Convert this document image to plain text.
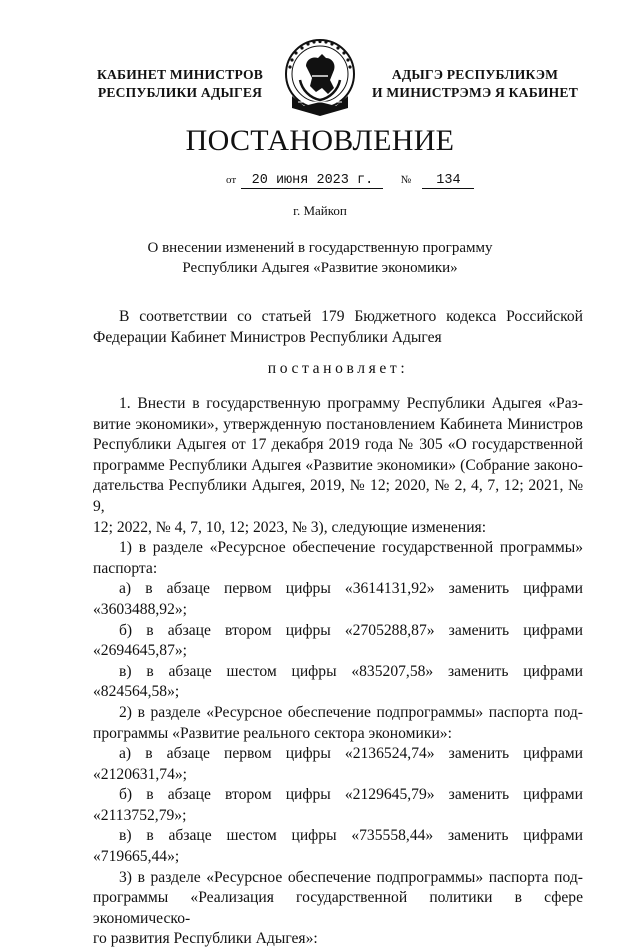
КАБИНЕТ МИНИСТРОВ
РЕСПУБЛИКИ АДЫГЕЯ
АДЫГЭ РЕСПУБЛИКЭМ
И МИНИСТРЭМЭ Я КАБИНЕТ
ПОСТАНОВЛЕНИЕ
от 20 июня 2023 г. № 134
г. Майкоп
О внесении изменений в государственную программу
Республики Адыгея «Развитие экономики»
В соответствии со статьей 179 Бюджетного кодекса Российской
Федерации Кабинет Министров Республики Адыгея
постановляет:
1. Внести в государственную программу Республики Адыгея «Раз-
витие экономики», утвержденную постановлением Кабинета Министров
Республики Адыгея от 17 декабря 2019 года № 305 «О государственной
программе Республики Адыгея «Развитие экономики» (Собрание законо-
дательства Республики Адыгея, 2019, № 12; 2020, № 2, 4, 7, 12; 2021, № 9,
12; 2022, № 4, 7, 10, 12; 2023, № 3), следующие изменения:
1) в разделе «Ресурсное обеспечение государственной программы»
паспорта:
а) в абзаце первом цифры «3614131,92» заменить цифрами
«3603488,92»;
б) в абзаце втором цифры «2705288,87» заменить цифрами
«2694645,87»;
в) в абзаце шестом цифры «835207,58» заменить цифрами
«824564,58»;
2) в разделе «Ресурсное обеспечение подпрограммы» паспорта под-
программы «Развитие реального сектора экономики»:
а) в абзаце первом цифры «2136524,74» заменить цифрами
«2120631,74»;
б) в абзаце втором цифры «2129645,79» заменить цифрами
«2113752,79»;
в) в абзаце шестом цифры «735558,44» заменить цифрами
«719665,44»;
3) в разделе «Ресурсное обеспечение подпрограммы» паспорта под-
программы «Реализация государственной политики в сфере экономическо-
го развития Республики Адыгея»:
